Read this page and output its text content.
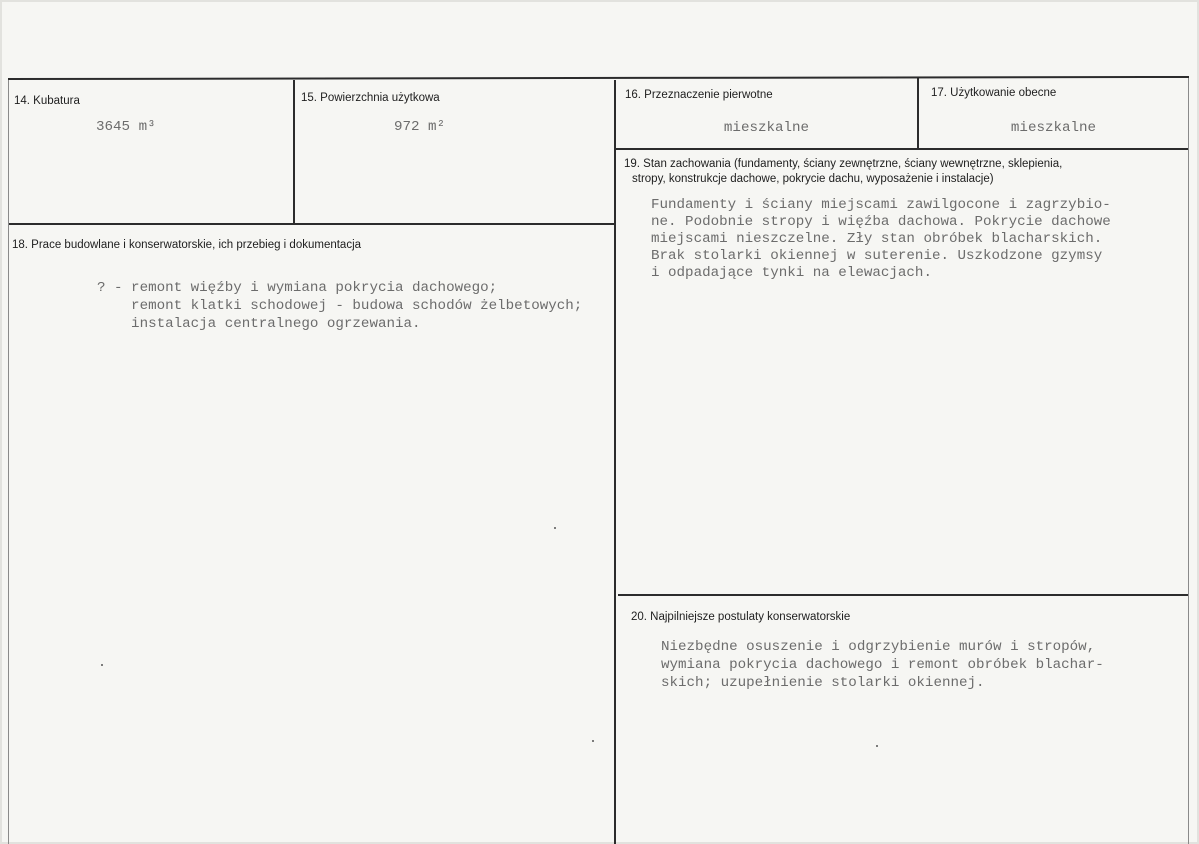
14. Kubatura
3645 m³
15. Powierzchnia użytkowa
972 m²
16. Przeznaczenie pierwotne
mieszkalne
17. Użytkowanie obecne
mieszkalne
18. Prace budowlane i konserwatorskie, ich przebieg i dokumentacja
? - remont więźby i wymiana pokrycia dachowego;
remont klatki schodowej - budowa schodów żelbetowych;
instalacja centralnego ogrzewania.
19. Stan zachowania (fundamenty, ściany zewnętrzne, ściany wewnętrzne, sklepienia,
stropy, konstrukcje dachowe, pokrycie dachu, wyposażenie i instalacje)
Fundamenty i ściany miejscami zawilgocone i zagrzybio-
ne. Podobnie stropy i więźba dachowa. Pokrycie dachowe
miejscami nieszczelne. Zły stan obróbek blacharskich.
Brak stolarki okiennej w suterenie. Uszkodzone gzymsy
i odpadające tynki na elewacjach.
20. Najpilniejsze postulaty konserwatorskie
Niezbędne osuszenie i odgrzybienie murów i stropów,
wymiana pokrycia dachowego i remont obróbek blachar-
skich; uzupełnienie stolarki okiennej.
